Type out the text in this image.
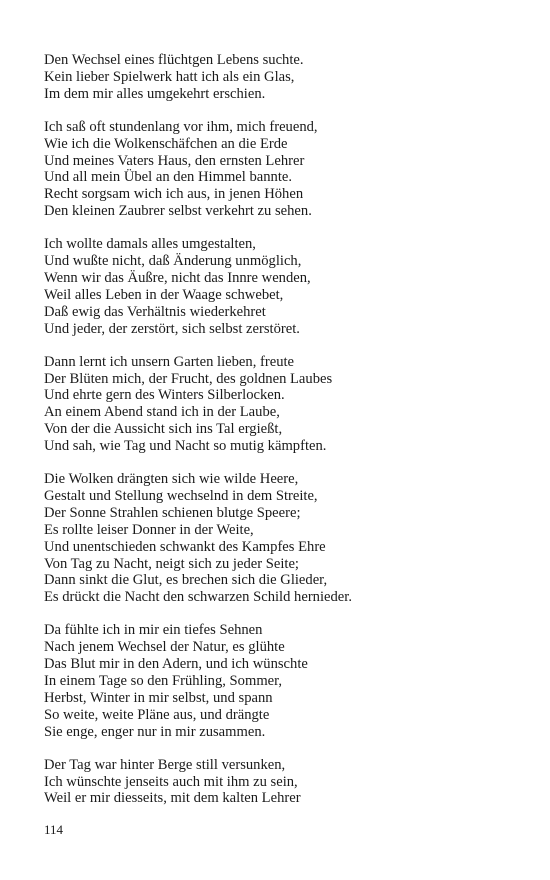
Den Wechsel eines flüchtgen Lebens suchte.
Kein lieber Spielwerk hatt ich als ein Glas,
Im dem mir alles umgekehrt erschien.
Ich saß oft stundenlang vor ihm, mich freuend,
Wie ich die Wolkenschäfchen an die Erde
Und meines Vaters Haus, den ernsten Lehrer
Und all mein Übel an den Himmel bannte.
Recht sorgsam wich ich aus, in jenen Höhen
Den kleinen Zaubrer selbst verkehrt zu sehen.
Ich wollte damals alles umgestalten,
Und wußte nicht, daß Änderung unmöglich,
Wenn wir das Äußre, nicht das Innre wenden,
Weil alles Leben in der Waage schwebet,
Daß ewig das Verhältnis wiederkehret
Und jeder, der zerstört, sich selbst zerstöret.
Dann lernt ich unsern Garten lieben, freute
Der Blüten mich, der Frucht, des goldnen Laubes
Und ehrte gern des Winters Silberlocken.
An einem Abend stand ich in der Laube,
Von der die Aussicht sich ins Tal ergießt,
Und sah, wie Tag und Nacht so mutig kämpften.
Die Wolken drängten sich wie wilde Heere,
Gestalt und Stellung wechselnd in dem Streite,
Der Sonne Strahlen schienen blutge Speere;
Es rollte leiser Donner in der Weite,
Und unentschieden schwankt des Kampfes Ehre
Von Tag zu Nacht, neigt sich zu jeder Seite;
Dann sinkt die Glut, es brechen sich die Glieder,
Es drückt die Nacht den schwarzen Schild hernieder.
Da fühlte ich in mir ein tiefes Sehnen
Nach jenem Wechsel der Natur, es glühte
Das Blut mir in den Adern, und ich wünschte
In einem Tage so den Frühling, Sommer,
Herbst, Winter in mir selbst, und spann
So weite, weite Pläne aus, und drängte
Sie enge, enger nur in mir zusammen.
Der Tag war hinter Berge still versunken,
Ich wünschte jenseits auch mit ihm zu sein,
Weil er mir diesseits, mit dem kalten Lehrer
114
